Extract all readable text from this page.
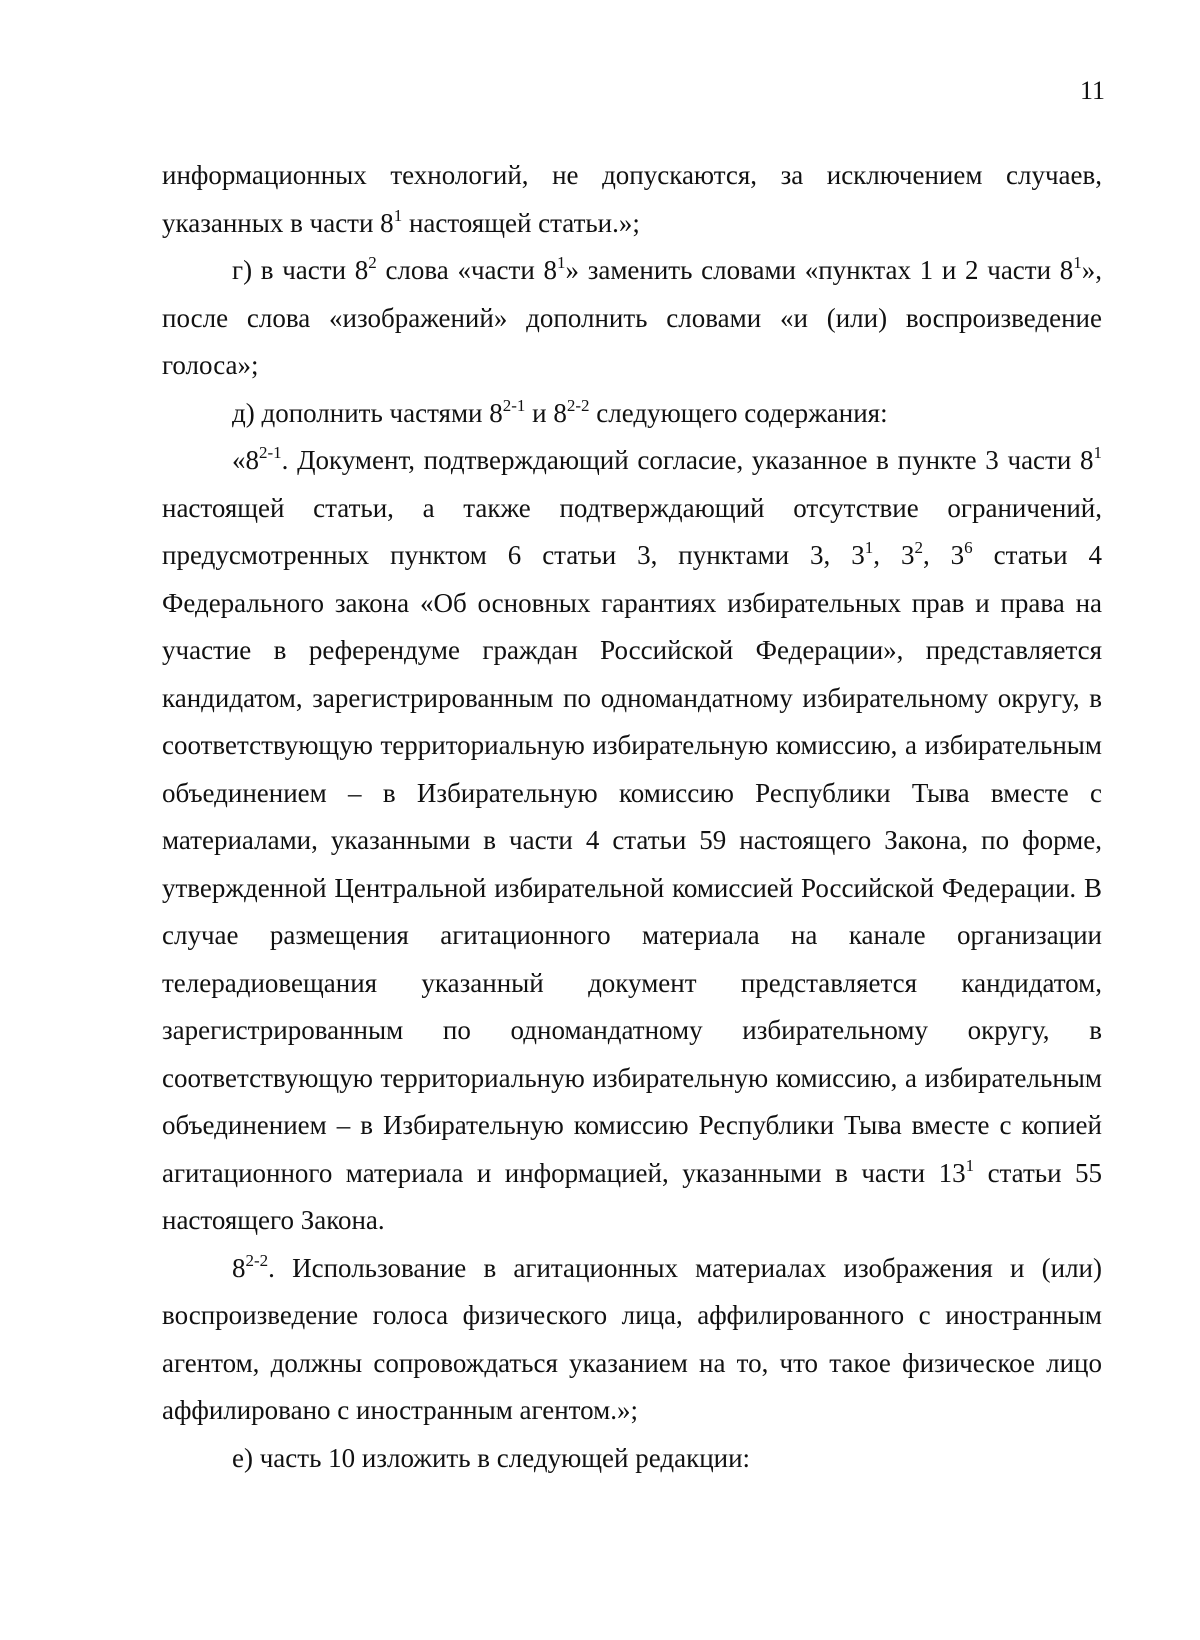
11

информационных технологий, не допускаются, за исключением случаев, указанных в части $8^1$ настоящей статьи.»;

г) в части $8^2$ слова «части $8^1$» заменить словами «пунктах 1 и 2 части $8^1$», после слова «изображений» дополнить словами «и (или) воспроизведение голоса»;

д) дополнить частями 8$^{2-1}$ и 8$^{2-2}$ следующего содержания:

«8$^{2-1}$. Документ, подтверждающий согласие, указанное в пункте 3 части $8^1$ настоящей статьи, а также подтверждающий отсутствие ограничений, предусмотренных пунктом 6 статьи 3, пунктами 3, $3^1$, $3^2$, $3^6$ статьи 4 Федерального закона «Об основных гарантиях избирательных прав и права на участие в референдуме граждан Российской Федерации», представляется кандидатом, зарегистрированным по одномандатному избирательному округу, в соответствующую территориальную избирательную комиссию, а избирательным объединением – в Избирательную комиссию Республики Тыва вместе с материалами, указанными в части 4 статьи 59 настоящего Закона, по форме, утвержденной Центральной избирательной комиссией Российской Федерации. В случае размещения агитационного материала на канале организации телерадиовещания указанный документ представляется кандидатом, зарегистрированным по одномандатному избирательному округу, в соответствующую территориальную избирательную комиссию, а избирательным объединением – в Избирательную комиссию Республики Тыва вместе с копией агитационного материала и информацией, указанными в части $13^1$ статьи 55 настоящего Закона.

8$^{2-2}$. Использование в агитационных материалах изображения и (или) воспроизведение голоса физического лица, аффилированного с иностранным агентом, должны сопровождаться указанием на то, что такое физическое лицо аффилировано с иностранным агентом.»;

е) часть 10 изложить в следующей редакции:
